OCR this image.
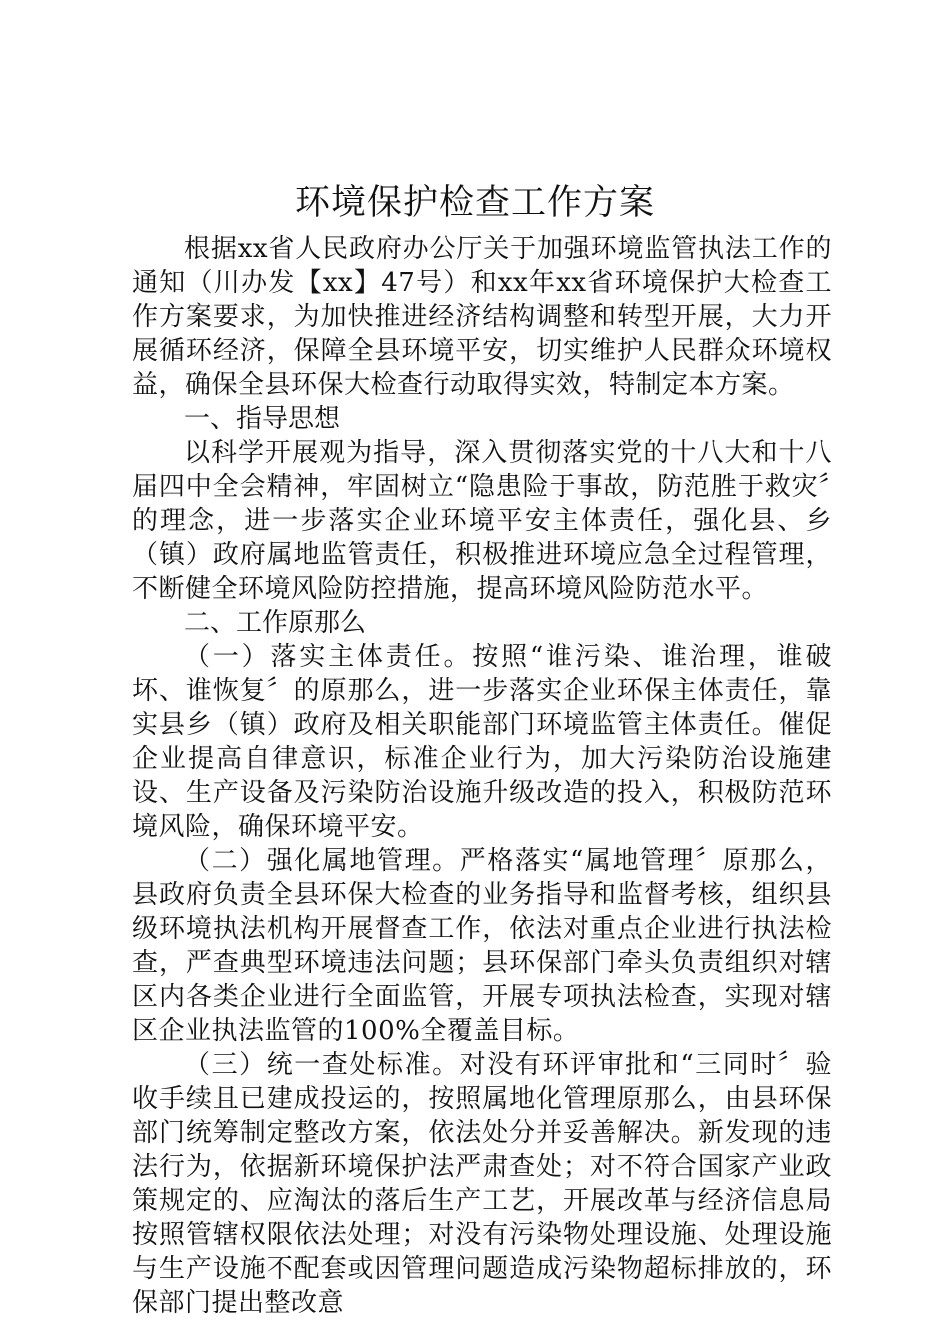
环境保护检查工作方案

根据xx省人民政府办公厅关于加强环境监管执法工作的通知（川办发【xx】47号）和xx年xx省环境保护大检查工作方案要求，为加快推进经济结构调整和转型开展，大力开展循环经济，保障全县环境平安，切实维护人民群众环境权益，确保全县环保大检查行动取得实效，特制定本方案。

一、指导思想

以科学开展观为指导，深入贯彻落实党的十八大和十八届四中全会精神，牢固树立“隐患险于事故，防范胜于救灾〞的理念，进一步落实企业环境平安主体责任，强化县、乡（镇）政府属地监管责任，积极推进环境应急全过程管理，不断健全环境风险防控措施，提高环境风险防范水平。

二、工作原那么

（一）落实主体责任。按照“谁污染、谁治理，谁破坏、谁恢复〞的原那么，进一步落实企业环保主体责任，靠实县乡（镇）政府及相关职能部门环境监管主体责任。催促企业提高自律意识，标准企业行为，加大污染防治设施建设、生产设备及污染防治设施升级改造的投入，积极防范环境风险，确保环境平安。

（二）强化属地管理。严格落实“属地管理〞原那么，县政府负责全县环保大检查的业务指导和监督考核，组织县级环境执法机构开展督查工作，依法对重点企业进行执法检查，严查典型环境违法问题；县环保部门牵头负责组织对辖区内各类企业进行全面监管，开展专项执法检查，实现对辖区企业执法监管的100%全覆盖目标。

（三）统一查处标准。对没有环评审批和“三同时〞验收手续且已建成投运的，按照属地化管理原那么，由县环保部门统筹制定整改方案，依法处分并妥善解决。新发现的违法行为，依据新环境保护法严肃查处；对不符合国家产业政策规定的、应淘汰的落后生产工艺，开展改革与经济信息局按照管辖权限依法处理；对没有污染物处理设施、处理设施与生产设施不配套或因管理问题造成污染物超标排放的，环保部门提出整改意
